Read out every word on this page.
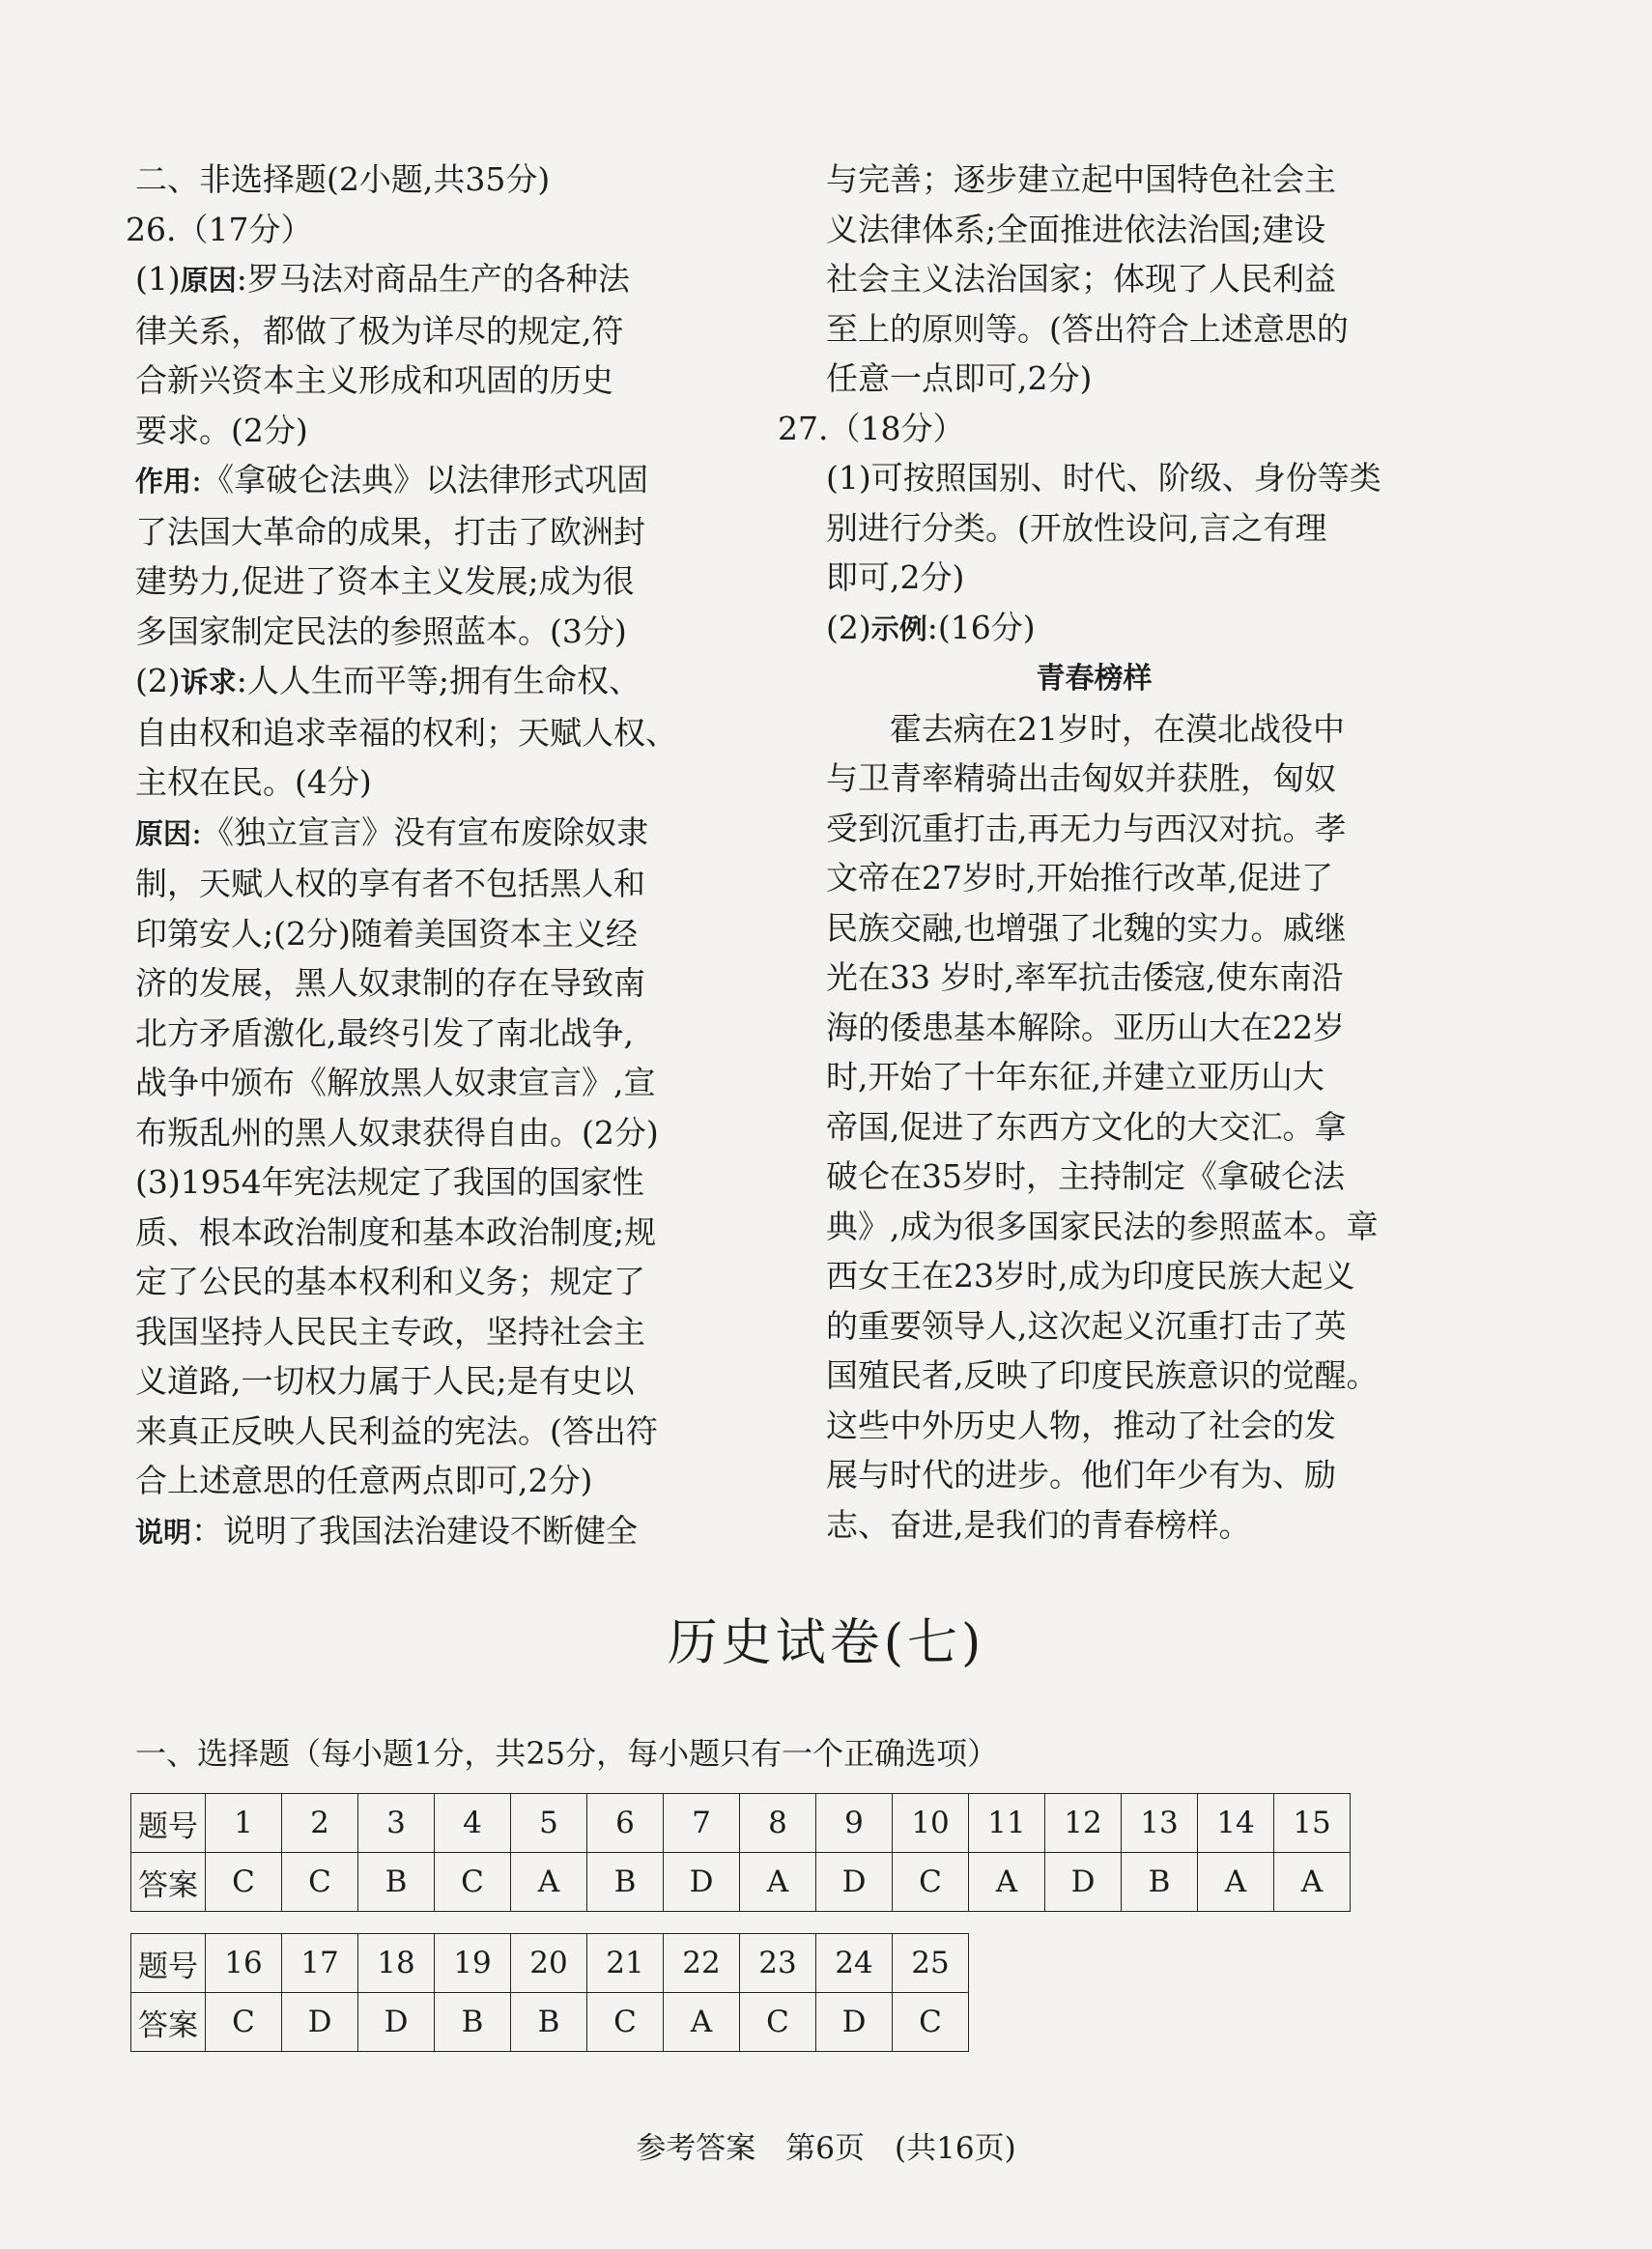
二、非选择题(2小题,共35分)
26.（17分）
(1)原因:罗马法对商品生产的各种法
律关系，都做了极为详尽的规定,符
合新兴资本主义形成和巩固的历史
要求。(2分)
作用:《拿破仑法典》以法律形式巩固
了法国大革命的成果，打击了欧洲封
建势力,促进了资本主义发展;成为很
多国家制定民法的参照蓝本。(3分)
(2)诉求:人人生而平等;拥有生命权、
自由权和追求幸福的权利；天赋人权、
主权在民。(4分)
原因:《独立宣言》没有宣布废除奴隶
制，天赋人权的享有者不包括黑人和
印第安人;(2分)随着美国资本主义经
济的发展，黑人奴隶制的存在导致南
北方矛盾激化,最终引发了南北战争,
战争中颁布《解放黑人奴隶宣言》,宣
布叛乱州的黑人奴隶获得自由。(2分)
(3)1954年宪法规定了我国的国家性
质、根本政治制度和基本政治制度;规
定了公民的基本权利和义务；规定了
我国坚持人民民主专政，坚持社会主
义道路,一切权力属于人民;是有史以
来真正反映人民利益的宪法。(答出符
合上述意思的任意两点即可,2分)
说明：说明了我国法治建设不断健全
与完善；逐步建立起中国特色社会主
义法律体系;全面推进依法治国;建设
社会主义法治国家；体现了人民利益
至上的原则等。(答出符合上述意思的
任意一点即可,2分)
27.（18分）
(1)可按照国别、时代、阶级、身份等类
别进行分类。(开放性设问,言之有理
即可,2分)
(2)示例:(16分)
青春榜样
霍去病在21岁时，在漠北战役中
与卫青率精骑出击匈奴并获胜，匈奴
受到沉重打击,再无力与西汉对抗。孝
文帝在27岁时,开始推行改革,促进了
民族交融,也增强了北魏的实力。戚继
光在33 岁时,率军抗击倭寇,使东南沿
海的倭患基本解除。亚历山大在22岁
时,开始了十年东征,并建立亚历山大
帝国,促进了东西方文化的大交汇。拿
破仑在35岁时，主持制定《拿破仑法
典》,成为很多国家民法的参照蓝本。章
西女王在23岁时,成为印度民族大起义
的重要领导人,这次起义沉重打击了英
国殖民者,反映了印度民族意识的觉醒。
这些中外历史人物，推动了社会的发
展与时代的进步。他们年少有为、励
志、奋进,是我们的青春榜样。
历史试卷(七)
一、选择题（每小题1分，共25分，每小题只有一个正确选项）
题号	1	2	3	4	5	6	7	8	9	10	11	12	13	14	15
答案	C	C	B	C	A	B	D	A	D	C	A	D	B	A	A
题号	16	17	18	19	20	21	22	23	24	25
答案	C	D	D	B	B	C	A	C	D	C
参考答案　第6页　(共16页)
